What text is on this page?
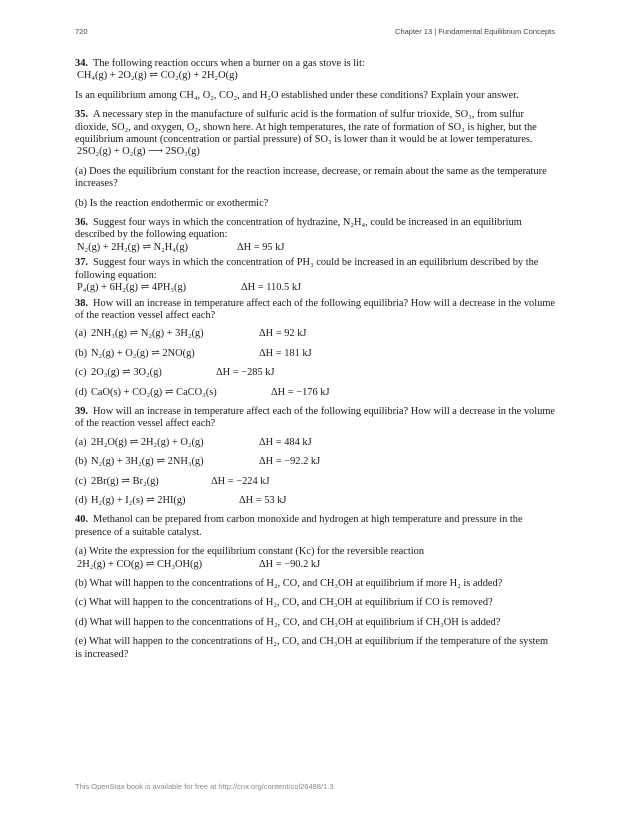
720	Chapter 13 | Fundamental Equilibrium Concepts

34. The following reaction occurs when a burner on a gas stove is lit:

CH₄(g) + 2O₂(g) ⇌ CO₂(g) + 2H₂O(g)

Is an equilibrium among CH₄, O₂, CO₂, and H₂O established under these conditions? Explain your answer.

35. A necessary step in the manufacture of sulfuric acid is the formation of sulfur trioxide, SO₃, from sulfur dioxide, SO₂, and oxygen, O₂, shown here. At high temperatures, the rate of formation of SO₃ is higher, but the equilibrium amount (concentration or partial pressure) of SO₃ is lower than it would be at lower temperatures.

2SO₂(g) + O₂(g) ⟶ 2SO₃(g)

(a) Does the equilibrium constant for the reaction increase, decrease, or remain about the same as the temperature increases?

(b) Is the reaction endothermic or exothermic?

36. Suggest four ways in which the concentration of hydrazine, N₂H₄, could be increased in an equilibrium described by the following equation:

N₂(g) + 2H₂(g) ⇌ N₂H₄(g)	ΔH = 95 kJ

37. Suggest four ways in which the concentration of PH₃ could be increased in an equilibrium described by the following equation:

P₄(g) + 6H₂(g) ⇌ 4PH₃(g)	ΔH = 110.5 kJ

38. How will an increase in temperature affect each of the following equilibria? How will a decrease in the volume of the reaction vessel affect each?

(a) 2NH₃(g) ⇌ N₂(g) + 3H₂(g)	ΔH = 92 kJ
(b) N₂(g) + O₂(g) ⇌ 2NO(g)	ΔH = 181 kJ
(c) 2O₃(g) ⇌ 3O₂(g)	ΔH = −285 kJ
(d) CaO(s) + CO₂(g) ⇌ CaCO₃(s)	ΔH = −176 kJ

39. How will an increase in temperature affect each of the following equilibria? How will a decrease in the volume of the reaction vessel affect each?

(a) 2H₂O(g) ⇌ 2H₂(g) + O₂(g)	ΔH = 484 kJ
(b) N₂(g) + 3H₂(g) ⇌ 2NH₃(g)	ΔH = −92.2 kJ
(c) 2Br(g) ⇌ Br₂(g)	ΔH = −224 kJ
(d) H₂(g) + I₂(s) ⇌ 2HI(g)	ΔH = 53 kJ

40. Methanol can be prepared from carbon monoxide and hydrogen at high temperature and pressure in the presence of a suitable catalyst.

(a) Write the expression for the equilibrium constant (Kc) for the reversible reaction

2H₂(g) + CO(g) ⇌ CH₃OH(g)	ΔH = −90.2 kJ

(b) What will happen to the concentrations of H₂, CO, and CH₃OH at equilibrium if more H₂ is added?

(c) What will happen to the concentrations of H₂, CO, and CH₃OH at equilibrium if CO is removed?

(d) What will happen to the concentrations of H₂, CO, and CH₃OH at equilibrium if CH₃OH is added?

(e) What will happen to the concentrations of H₂, CO, and CH₃OH at equilibrium if the temperature of the system is increased?

This OpenStax book is available for free at http://cnx.org/content/col26488/1.3
